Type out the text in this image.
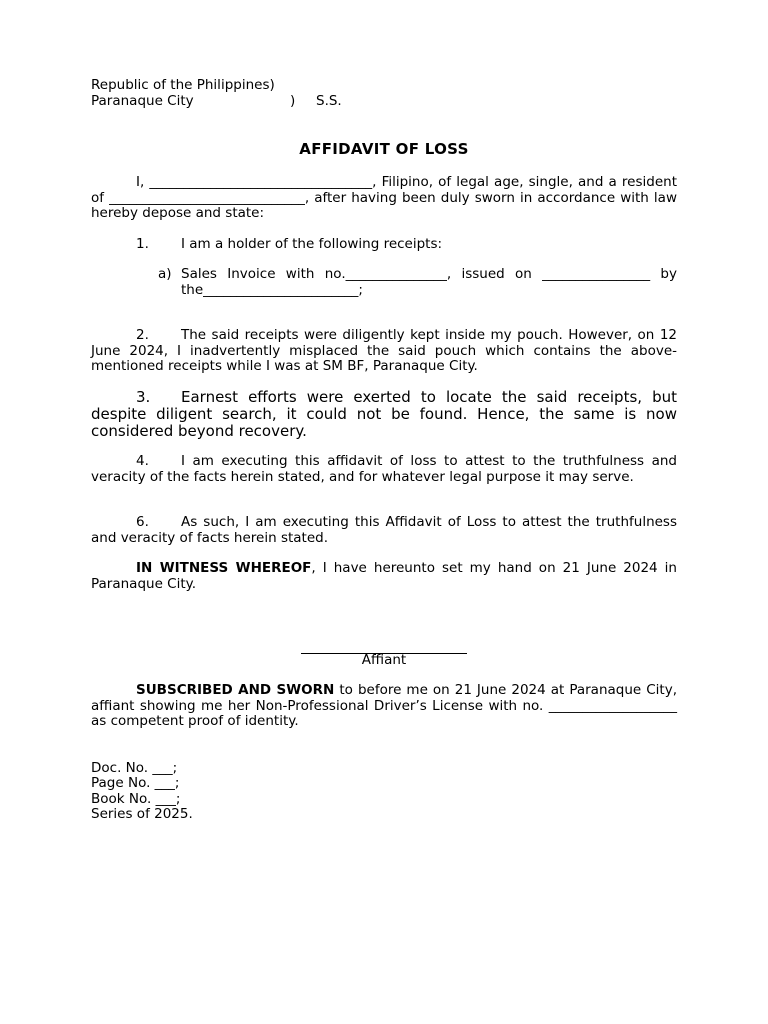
Republic of the Philippines)
Paranaque City	) S.S.
AFFIDAVIT OF LOSS
I, _________________________________, Filipino, of legal age, single, and a resident of _____________________________, after having been duly sworn in accordance with law hereby depose and state:
1. I am a holder of the following receipts:
a) Sales Invoice with no._______________, issued on ________________ by the_______________________;
2. The said receipts were diligently kept inside my pouch. However, on 12 June 2024, I inadvertently misplaced the said pouch which contains the above-mentioned receipts while I was at SM BF, Paranaque City.
3. Earnest efforts were exerted to locate the said receipts, but despite diligent search, it could not be found. Hence, the same is now considered beyond recovery.
4. I am executing this affidavit of loss to attest to the truthfulness and veracity of the facts herein stated, and for whatever legal purpose it may serve.
6. As such, I am executing this Affidavit of Loss to attest the truthfulness and veracity of facts herein stated.
IN WITNESS WHEREOF, I have hereunto set my hand on 21 June 2024 in Paranaque City.
Affiant
SUBSCRIBED AND SWORN to before me on 21 June 2024 at Paranaque City, affiant showing me her Non-Professional Driver’s License with no. ___________________ as competent proof of identity.
Doc. No. ___;
Page No. ___;
Book No. ___;
Series of 2025.
